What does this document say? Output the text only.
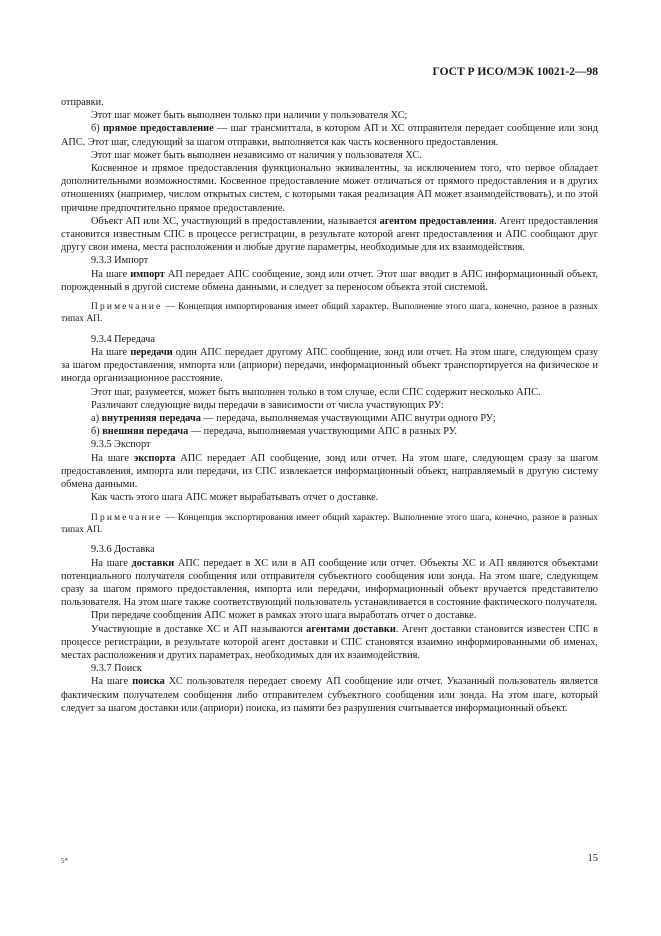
ГОСТ Р ИСО/МЭК 10021-2—98

отправки.

Этот шаг может быть выполнен только при наличии у пользователя ХС;

б) прямое предоставление — шаг трансмиттала, в котором АП и ХС отправителя передает сообщение или зонд АПС. Этот шаг, следующий за шагом отправки, выполняется как часть косвенного предоставления.

Этот шаг может быть выполнен независимо от наличия у пользователя ХС.

Косвенное и прямое предоставления функционально эквивалентны, за исключением того, что первое обладает дополнительными возможностями. Косвенное предоставление может отличаться от прямого предоставления и в других отношениях (например, числом открытых систем, с которыми такая реализация АП может взаимодействовать), и по этой причине предпочтительно прямое предоставление.

Объект АП или ХС, участвующий в предоставлении, называется агентом предоставления. Агент предоставления становится известным СПС в процессе регистрации, в результате которой агент предоставления и АПС сообщают друг другу свои имена, места расположения и любые другие параметры, необходимые для их взаимодействия.

9.3.3 Импорт

На шаге импорт АП передает АПС сообщение, зонд или отчет. Этот шаг вводит в АПС информационный объект, порожденный в другой системе обмена данными, и следует за переносом объекта этой системой.

Примечание — Концепция импортирования имеет общий характер. Выполнение этого шага, конечно, разное в разных типах АП.

9.3.4 Передача

На шаге передачи один АПС передает другому АПС сообщение, зонд или отчет. На этом шаге, следующем сразу за шагом предоставления, импорта или (априори) передачи, информационный объект транспортируется на физическое и иногда организационное расстояние.

Этот шаг, разумеется, может быть выполнен только в том случае, если СПС содержит несколько АПС.

Различают следующие виды передачи в зависимости от числа участвующих РУ:

а) внутренняя передача — передача, выполняемая участвующими АПС внутри одного РУ;

б) внешняя передача — передача, выполняемая участвующими АПС в разных РУ.

9.3.5 Экспорт

На шаге экспорта АПС передает АП сообщение, зонд или отчет. На этом шаге, следующем сразу за шагом предоставления, импорта или передачи, из СПС извлекается информационный объект, направляемый в другую систему обмена данными.

Как часть этого шага АПС может вырабатывать отчет о доставке.

Примечание — Концепция экспортирования имеет общий характер. Выполнение этого шага, конечно, разное в разных типах АП.

9.3.6 Доставка

На шаге доставки АПС передает в ХС или в АП сообщение или отчет. Объекты ХС и АП являются объектами потенциального получателя сообщения или отправителя субъектного сообщения или зонда. На этом шаге, следующем сразу за шагом прямого предоставления, импорта или передачи, информационный объект вручается представителю пользователя. На этом шаге также соответствующий пользователь устанавливается в состояние фактического получателя.

При передаче сообщения АПС может в рамках этого шага выработать отчет о доставке.

Участвующие в доставке ХС и АП называются агентами доставки. Агент доставки становится известен СПС в процессе регистрации, в результате которой агент доставки и СПС становятся взаимно информированными об именах, местах расположения и других параметрах, необходимых для их взаимодействия.

9.3.7 Поиск

На шаге поиска ХС пользователя передает своему АП сообщение или отчет. Указанный пользователь является фактическим получателем сообщения либо отправителем субъектного сообщения или зонда. На этом шаге, который следует за шагом доставки или (априори) поиска, из памяти без разрушения считывается информационный объект.

5*	15
